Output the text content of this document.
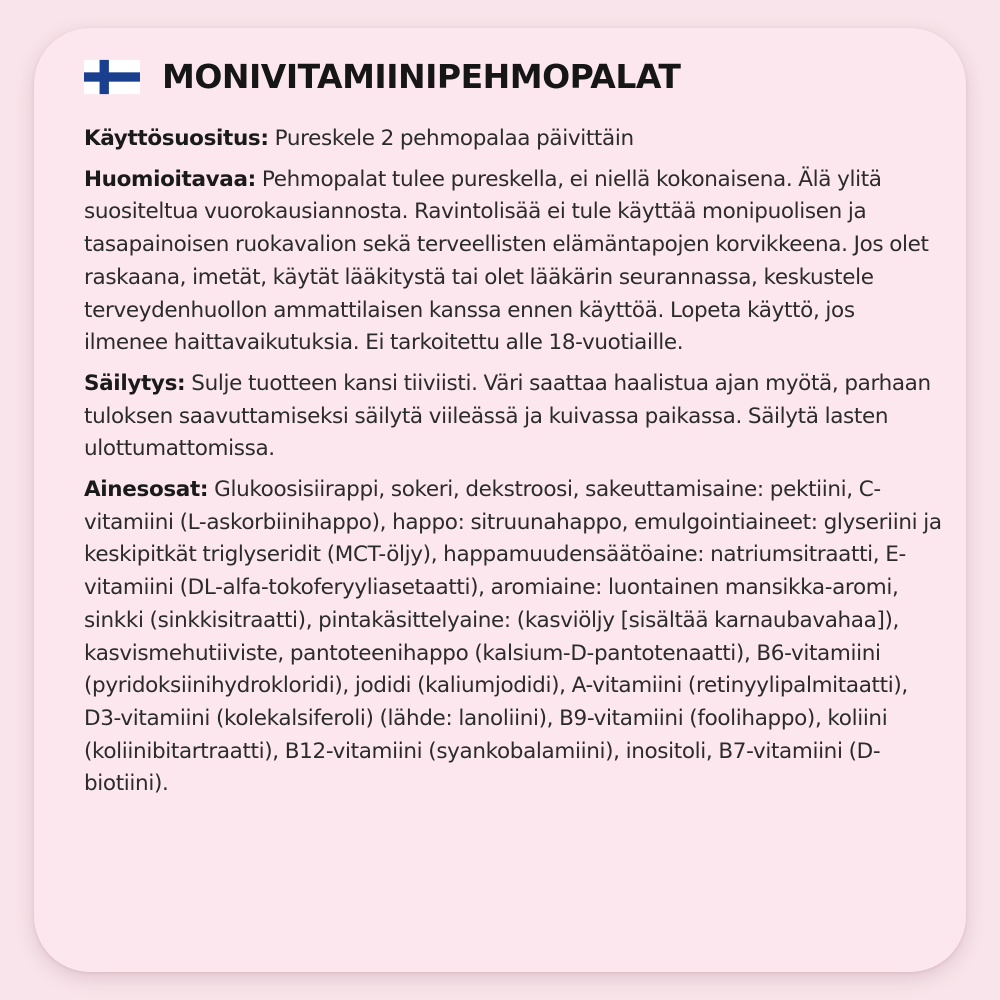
MONIVITAMIINIPEHMOPALAT

Käyttösuositus: Pureskele 2 pehmopalaa päivittäin

Huomioitavaa: Pehmopalat tulee pureskella, ei niellä kokonaisena. Älä ylitä suositeltua vuorokausiannosta. Ravintolisää ei tule käyttää monipuolisen ja tasapainoisen ruokavalion sekä terveellisten elämäntapojen korvikkeena. Jos olet raskaana, imetät, käytät lääkitystä tai olet lääkärin seurannassa, keskustele terveydenhuollon ammattilaisen kanssa ennen käyttöä. Lopeta käyttö, jos ilmenee haittavaikutuksia. Ei tarkoitettu alle 18-vuotiaille.

Säilytys: Sulje tuotteen kansi tiiviisti. Väri saattaa haalistua ajan myötä, parhaan tuloksen saavuttamiseksi säilytä viileässä ja kuivassa paikassa. Säilytä lasten ulottumattomissa.

Ainesosat: Glukoosisiirappi, sokeri, dekstroosi, sakeuttamisaine: pektiini, C-vitamiini (L-askorbiinihappo), happo: sitruunahappo, emulgointiaineet: glyseriini ja keskipitkät triglyseridit (MCT-öljy), happamuudensäätöaine: natriumsitraatti, E-vitamiini (DL-alfa-tokoferyyliasetaatti), aromiaine: luontainen mansikka-aromi, sinkki (sinkkisitraatti), pintakäsittelyaine: (kasviöljy [sisältää karnaubavahaa]), kasvismehutiiviste, pantoteenihappo (kalsium-D-pantotenaatti), B6-vitamiini (pyridoksiinihydrokloridi), jodidi (kaliumjodidi), A-vitamiini (retinyylipalmitaatti), D3-vitamiini (kolekalsiferoli) (lähde: lanoliini), B9-vitamiini (foolihappo), koliini (koliinibitartraatti), B12-vitamiini (syankobalamiini), inositoli, B7-vitamiini (D-biotiini).
